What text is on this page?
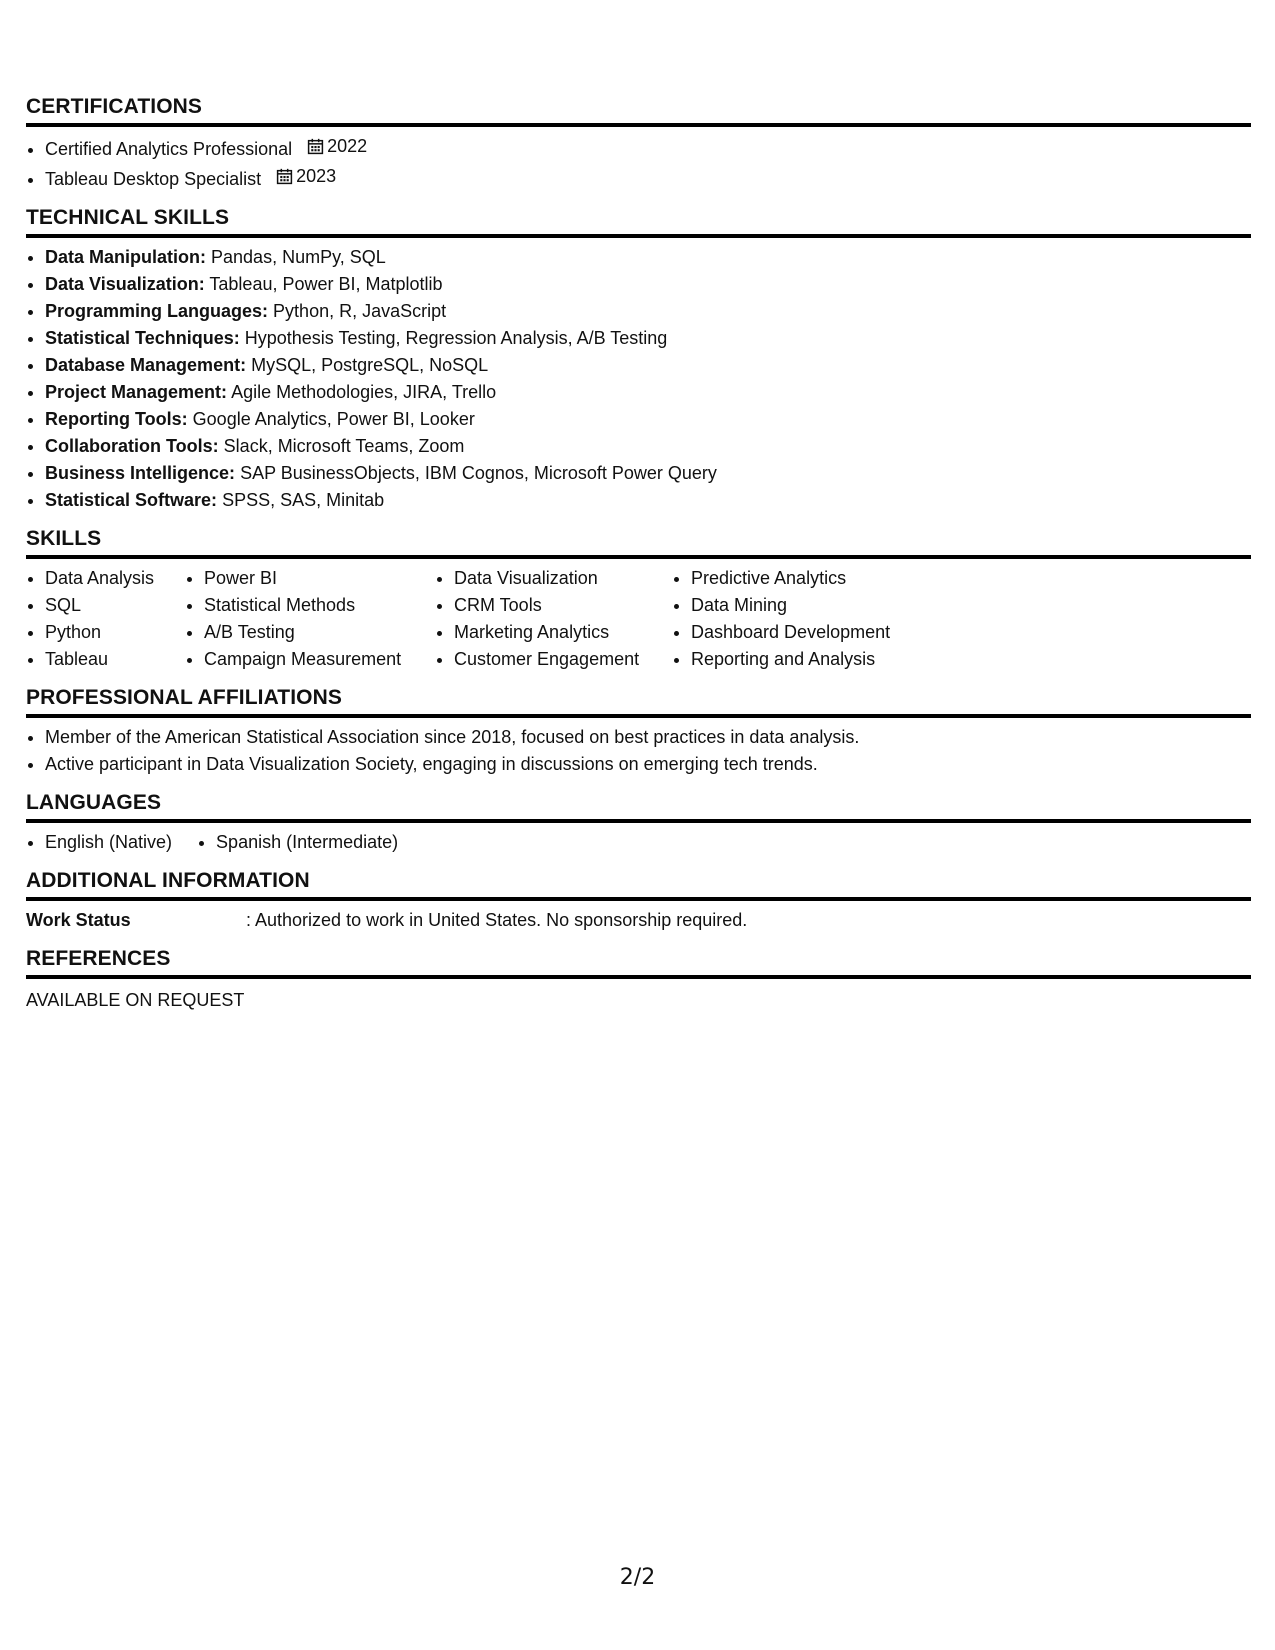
CERTIFICATIONS
• Certified Analytics Professional 2022
• Tableau Desktop Specialist 2023
TECHNICAL SKILLS
• Data Manipulation: Pandas, NumPy, SQL
• Data Visualization: Tableau, Power BI, Matplotlib
• Programming Languages: Python, R, JavaScript
• Statistical Techniques: Hypothesis Testing, Regression Analysis, A/B Testing
• Database Management: MySQL, PostgreSQL, NoSQL
• Project Management: Agile Methodologies, JIRA, Trello
• Reporting Tools: Google Analytics, Power BI, Looker
• Collaboration Tools: Slack, Microsoft Teams, Zoom
• Business Intelligence: SAP BusinessObjects, IBM Cognos, Microsoft Power Query
• Statistical Software: SPSS, SAS, Minitab
SKILLS
• Data Analysis
• SQL
• Python
• Tableau
• Power BI
• Statistical Methods
• A/B Testing
• Campaign Measurement
• Data Visualization
• CRM Tools
• Marketing Analytics
• Customer Engagement
• Predictive Analytics
• Data Mining
• Dashboard Development
• Reporting and Analysis
PROFESSIONAL AFFILIATIONS
• Member of the American Statistical Association since 2018, focused on best practices in data analysis.
• Active participant in Data Visualization Society, engaging in discussions on emerging tech trends.
LANGUAGES
• English (Native)
• Spanish (Intermediate)
ADDITIONAL INFORMATION
Work Status	: Authorized to work in United States. No sponsorship required.
REFERENCES
AVAILABLE ON REQUEST
2/2
